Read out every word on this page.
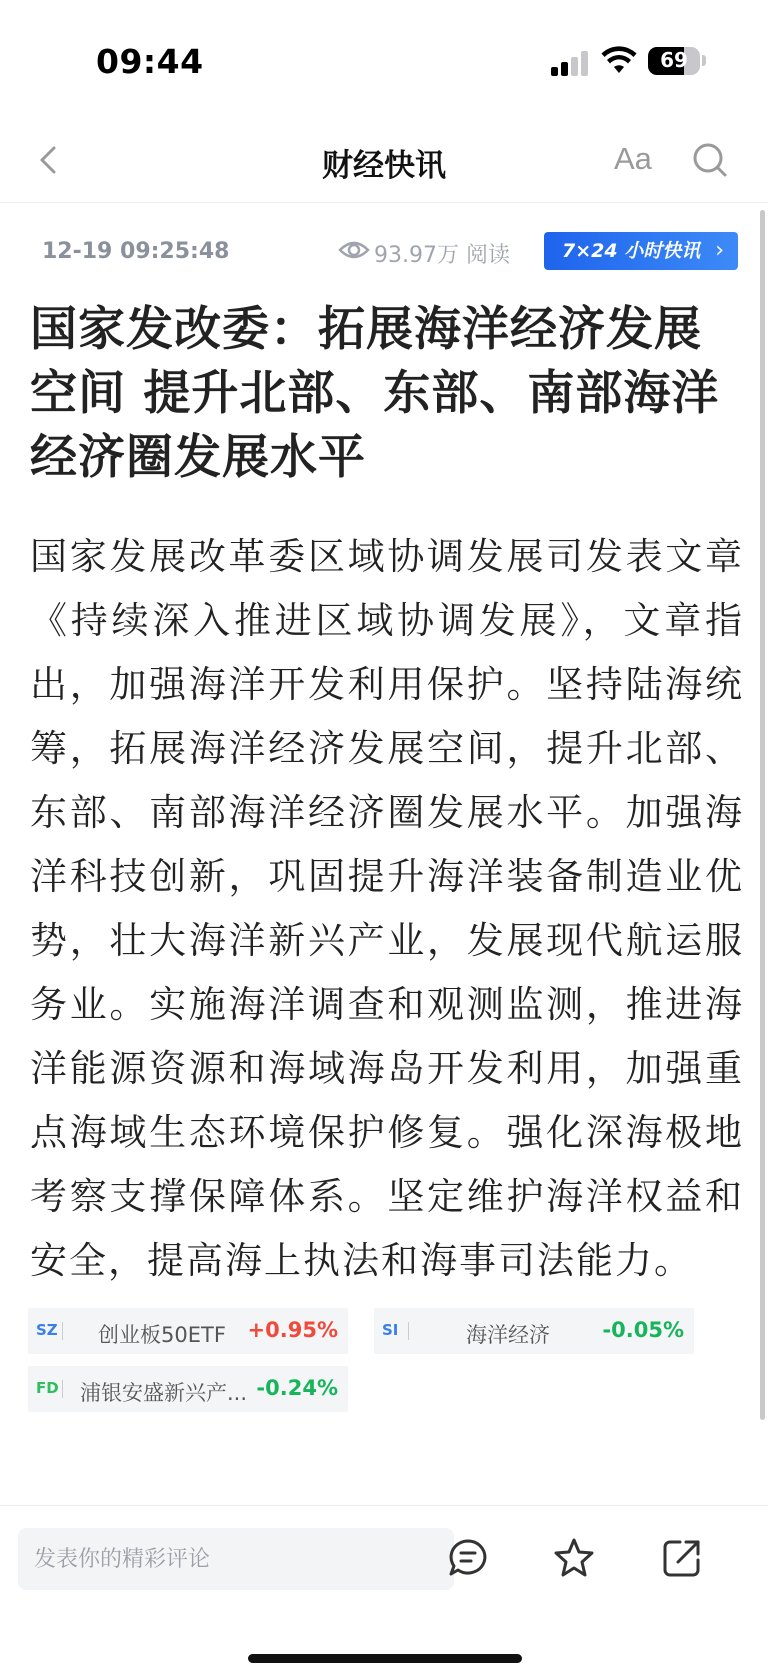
09:44	69
财经快讯	Aa
12-19 09:25:48	93.97万 阅读	7×24 小时快讯 ›
国家发改委：拓展海洋经济发展空间 提升北部、东部、南部海洋经济圈发展水平

国家发展改革委区域协调发展司发表文章《持续深入推进区域协调发展》，文章指出，加强海洋开发利用保护。坚持陆海统筹，拓展海洋经济发展空间，提升北部、东部、南部海洋经济圈发展水平。加强海洋科技创新，巩固提升海洋装备制造业优势，壮大海洋新兴产业，发展现代航运服务业。实施海洋调查和观测监测，推进海洋能源资源和海域海岛开发利用，加强重点海域生态环境保护修复。强化深海极地考察支撑保障体系。坚定维护海洋权益和安全，提高海上执法和海事司法能力。

SZ 创业板50ETF	+0.95%	SI	海洋经济	-0.05%
FD 浦银安盛新兴产... -0.24%
发表你的精彩评论
